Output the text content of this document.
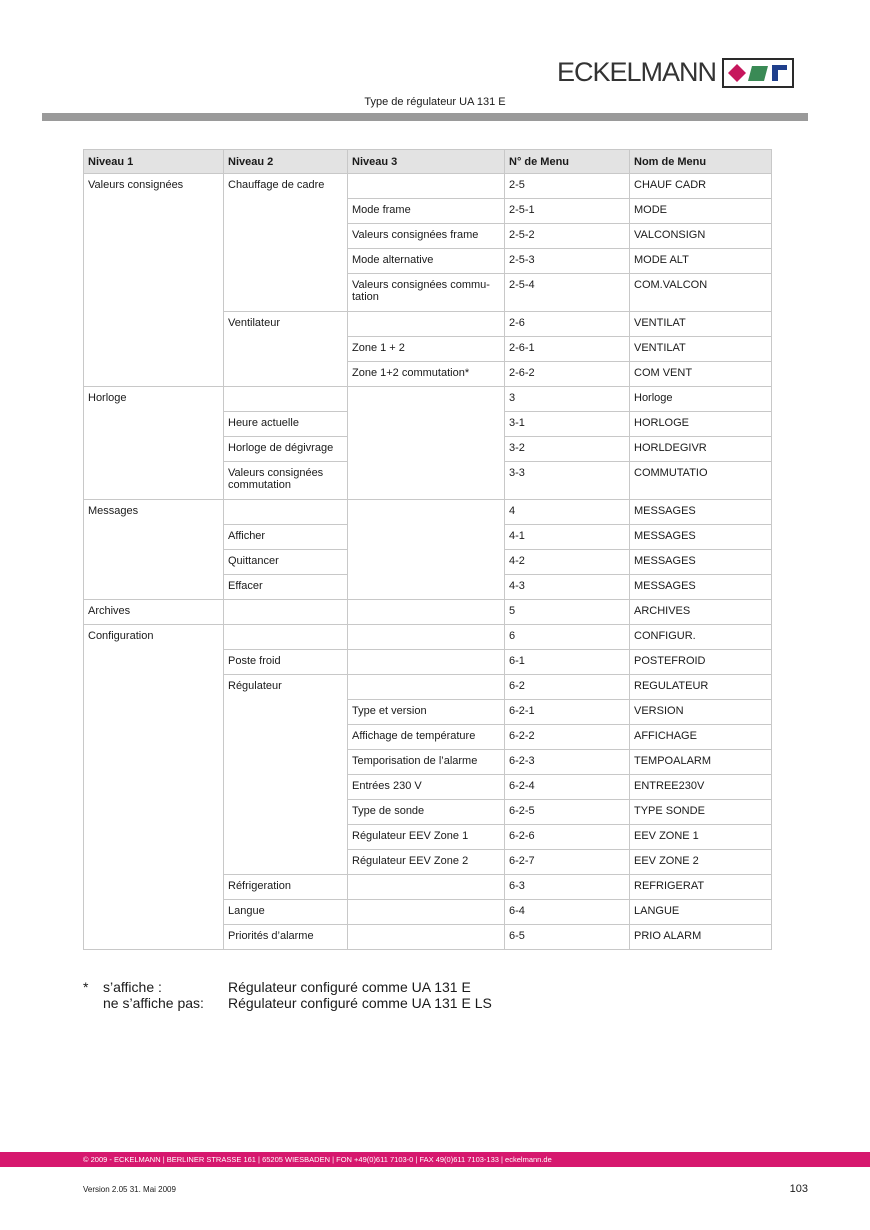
ECKELMANN
Type de régulateur UA 131 E
Niveau 1	Niveau 2	Niveau 3	N° de Menu	Nom de Menu
Valeurs consignées	Chauffage de cadre		2-5	CHAUF CADR
		Mode frame	2-5-1	MODE
		Valeurs consignées frame	2-5-2	VALCONSIGN
		Mode alternative	2-5-3	MODE ALT
		Valeurs consignées commu-tation	2-5-4	COM.VALCON
	Ventilateur		2-6	VENTILAT
		Zone 1 + 2	2-6-1	VENTILAT
		Zone 1+2 commutation*	2-6-2	COM VENT
Horloge			3	Horloge
	Heure actuelle		3-1	HORLOGE
	Horloge de dégivrage		3-2	HORLDEGIVR
	Valeurs consignées commutation		3-3	COMMUTATIO
Messages			4	MESSAGES
	Afficher		4-1	MESSAGES
	Quittancer		4-2	MESSAGES
	Effacer		4-3	MESSAGES
Archives			5	ARCHIVES
Configuration			6	CONFIGUR.
	Poste froid		6-1	POSTEFROID
	Régulateur		6-2	REGULATEUR
		Type et version	6-2-1	VERSION
		Affichage de température	6-2-2	AFFICHAGE
		Temporisation de l’alarme	6-2-3	TEMPOALARM
		Entrées 230 V	6-2-4	ENTREE230V
		Type de sonde	6-2-5	TYPE SONDE
		Régulateur EEV Zone 1	6-2-6	EEV ZONE 1
		Régulateur EEV Zone 2	6-2-7	EEV ZONE 2
	Réfrigeration		6-3	REFRIGERAT
	Langue		6-4	LANGUE
	Priorités d’alarme		6-5	PRIO ALARM
* s’affiche :	Régulateur configuré comme UA 131 E
ne s’affiche pas: Régulateur configuré comme UA 131 E LS
© 2009 - ECKELMANN | BERLINER STRASSE 161 | 65205 WIESBADEN | FON +49(0)611 7103-0 | FAX 49(0)611 7103-133 | eckelmann.de
Version 2.05 31. Mai 2009	103
